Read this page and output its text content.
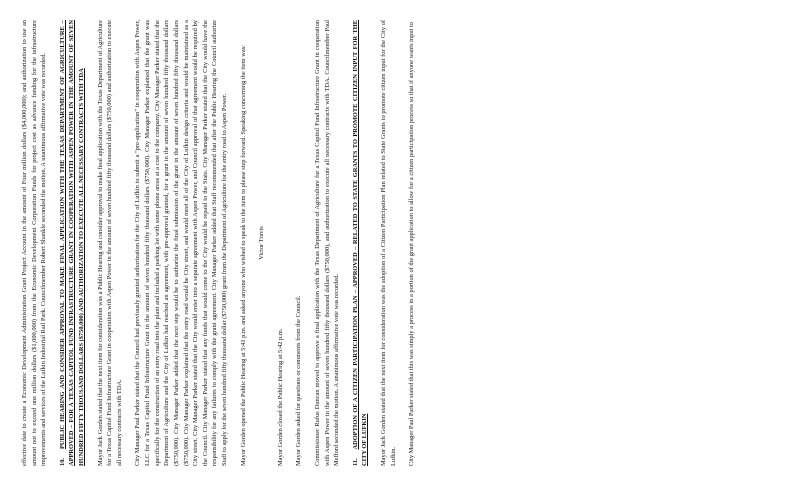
effective date to create a Economic Development Administration Grant Project Account in the amount of Four million dollars ($4,000,000); and authorization to use an amount not to exceed one million dollars ($1,000,000) from the Economic Development Corporation Funds for project cost as advance funding for the infrastructure improvements and services of the Lufkin Industrial Rail Park. Councilmember Robert Shankle seconded the motion. A unanimous affirmative vote was recorded. 10. PUBLIC HEARING AND CONSIDER APPROVAL TO MAKE FINAL APPLICATION WITH THE TEXAS DEPARTMENT OF AGRICULTURE – APPROVED – FOR A TEXAS CAPITOL FUND INFRASTRUCTURE GRANT IN COOPERATION WITH ASPEN POWER IN THE AMOUNT OF SEVEN HUNDRED FIFTY THOUSAND DOLLARS ($750,000) AND AUTHORIZATION TO EXECUTE ALL NECESSARY CONTRACTS WITH TDA Mayor Jack Gorden stated that the next item for consideration was a Public Hearing and consider approval to make final application with the Texas Department of Agriculture for a Texas Capitol Fund Infrastructure Grant in cooperation with Aspen Power in the amount of seven hundred fifty thousand dollars ($750,000) and authorization to execute all necessary contracts with TDA. City Manager Paul Parker stated that the Council had previously granted authorization for the City of Lufkin to submit a "pre-application" in cooperation with Aspen Power, LLC for a Texas Capitol Fund Infrastructure Grant in the amount of seven hundred fifty thousand dollars ($750,000). City Manager Parker explained that the grant was specifically for the construction of an entry road into the plant and included a parking lot with some phone areas at a cost to the company. City Manager Parker stated that the Department of Agriculture and the City of Lufkin had reached an agreement, with pre-approval granted, for a grant in the amount of seven hundred fifty thousand dollars ($750,000). City Manager Parker added that the next step would be to authorize the final submission of the grant in the amount of seven hundred fifty thousand dollars ($750,000). City Manager Parker explained that the entry road would be City street, and would meet all of the City of Lufkin design criteria and would be maintained as a City street. City Manager Parker stated that the City would enter into a separate agreement with Aspen Power, and Council approval of that agreement would be required by the Council. City Manager Parker stated that any funds that would come to the City would be repaid to the State. City Manager Parker stated that the City would have the responsibility for any failures to comply with the grant agreement. City Manager Parker added that Staff recommended that after the Public Hearing the Council authorize Staff to apply for the seven hundred fifty thousand dollar ($750,000) grant from the Department of Agriculture for the entry road to Aspen Power. Mayor Gorden opened the Public Hearing at 5:41 p.m. and asked anyone who wished to speak to the item to please step forward. Speaking concerning the item was: Victor Travis
Mayor Gorden closed the Public Hearing at 5:42 p.m. Mayor Gorden asked for questions or comments from the Council. Commissioner Rufus Duncan moved to approve a final application with the Texas Department of Agriculture for a Texas Capitol Fund Infrastructure Grant in cooperation with Aspen Power in the amount of seven hundred fifty thousand dollars ($750,000), and authorization to execute all necessary contracts with TDA. Councilmember Paul Mefford seconded the motion. A unanimous affirmative vote was recorded. 11. ADOPTION OF A CITIZEN PARTICIPATION PLAN – APPROVED – RELATED TO STATE GRANTS TO PROMOTE CITIZEN INPUT FOR THE CITY OF LUFKIN Mayor Jack Gorden stated that the next item for consideration was the adoption of a Citizen Participation Plan related to State Grants to promote citizen input for the City of Lufkin. City Manager Paul Parker stated that this was simply a process in a portion of the grant application to allow for a citizen participation process so that if anyone wants input to
